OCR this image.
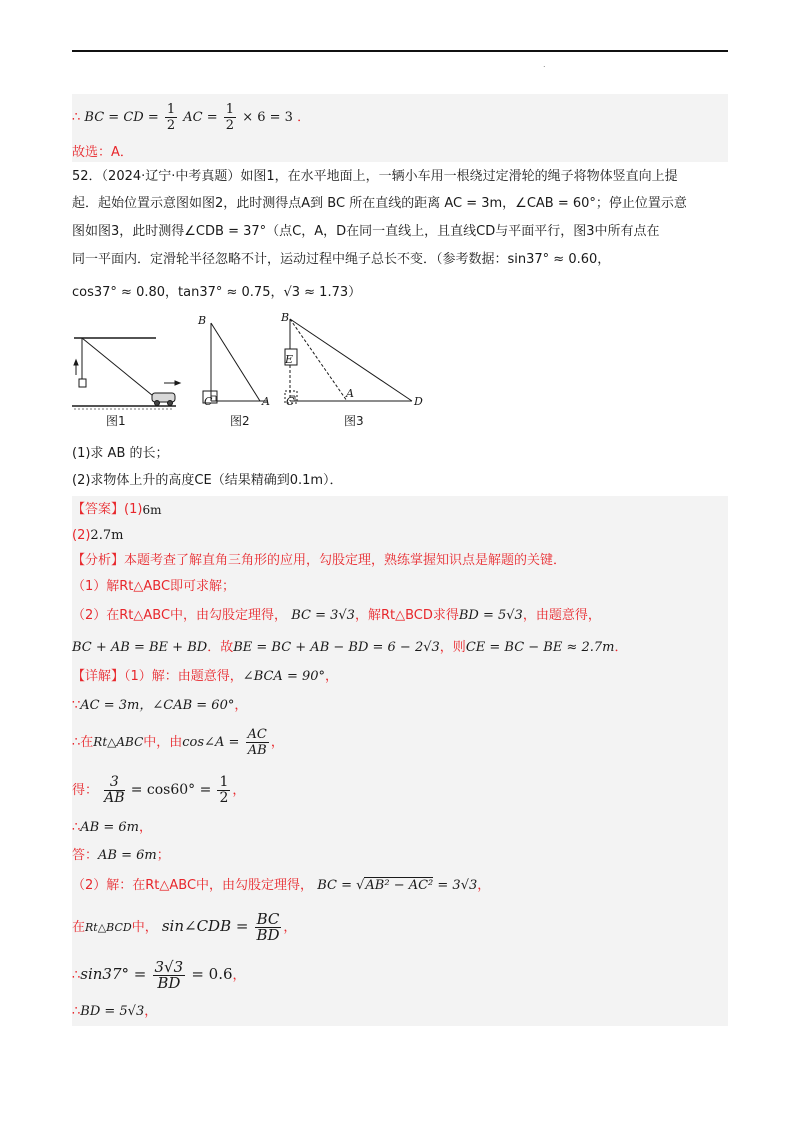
.
∴ BC = CD = $\frac{1}{2}$ AC = $\frac{1}{2} \times 6 = 3$ ．
故选：A．
52．（2024·辽宁·中考真题）如图1，在水平地面上，一辆小车用一根绕过定滑轮的绳子将物体竖直向上提
起．起始位置示意图如图2，此时测得点A到 BC 所在直线的距离 AC = 3m，∠CAB = 60°；停止位置示意
图如图3，此时测得∠CDB = 37°（点C，A，D在同一直线上，且直线CD与平面平行，图3中所有点在
同一平面内．定滑轮半径忽略不计，运动过程中绳子总长不变．（参考数据：sin37° ≈ 0.60，
cos37° ≈ 0.80，tan37° ≈ 0.75，√3 ≈ 1.73）
B
C	A
B
E
C
A
D
图1	图2	图3
(1)求 AB 的长；
(2)求物体上升的高度CE（结果精确到0.1m）．
【答案】(1)6m
(2)2.7m
【分析】本题考查了解直角三角形的应用，勾股定理，熟练掌握知识点是解题的关键．
（1）解Rt△ABC即可求解；
（2）在Rt△ABC中，由勾股定理得， BC = 3√3，解Rt△BCD求得BD = 5√3，由题意得，
BC + AB = BE + BD．故BE = BC + AB − BD = 6 − 2√3，则CE = BC − BE ≈ 2.7m．
【详解】（1）解：由题意得，∠BCA = 90°，
∵AC = 3m，∠CAB = 60°，
∴在Rt△ABC中，由cos∠A = $\frac{AC}{AB}$ ，
得： $\frac{3}{AB} = \cos 60^\circ = \frac{1}{2}$ ，
∴AB = 6m，
答：AB = 6m；
（2）解：在Rt△ABC中，由勾股定理得， BC = √AB² − AC² = 3√3，
在Rt△BCD中， sin∠CDB = $\frac{BC}{BD}$ ，
∴sin37° = $\frac{3√3}{BD} = 0.6$，
∴BD = 5√3，
